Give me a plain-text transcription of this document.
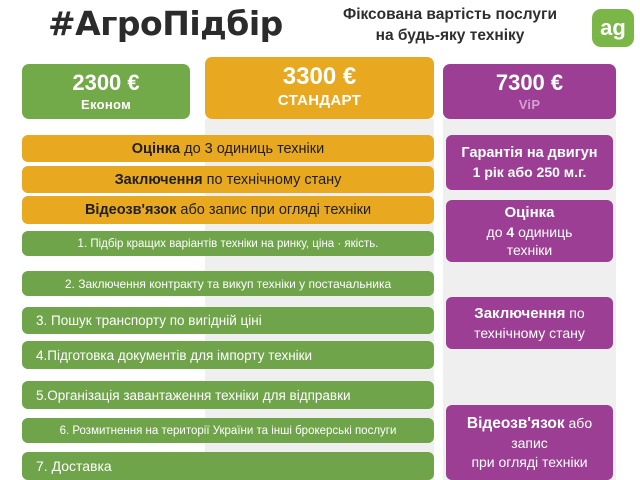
#АгроПідбір	Фіксована вартість послуги
на будь-яку техніку	ag
2300 €
Економ
3300 €
СТАНДАРТ
7300 €
ViP
Оцінка до 3 одиниць техніки
Заключення по технічному стану
Відеозв'язок або запис при огляді техніки
1. Підбір кращих варіантів техніки на ринку, ціна · якість.
2. Заключення контракту та викуп техніки у постачальника
3. Пошук транспорту по вигідній ціні
4.Підготовка документів для імпорту техніки
5.Організація завантаження техніки для відправки
6. Розмитнення на території України та інші брокерські послуги
7. Доставка
Гарантія на двигун
1 рік або 250 м.г.
Оцінка
до 4 одиниць
техніки
Заключення по
технічному стану
Відеозв'язок або
запис
при огляді техніки
